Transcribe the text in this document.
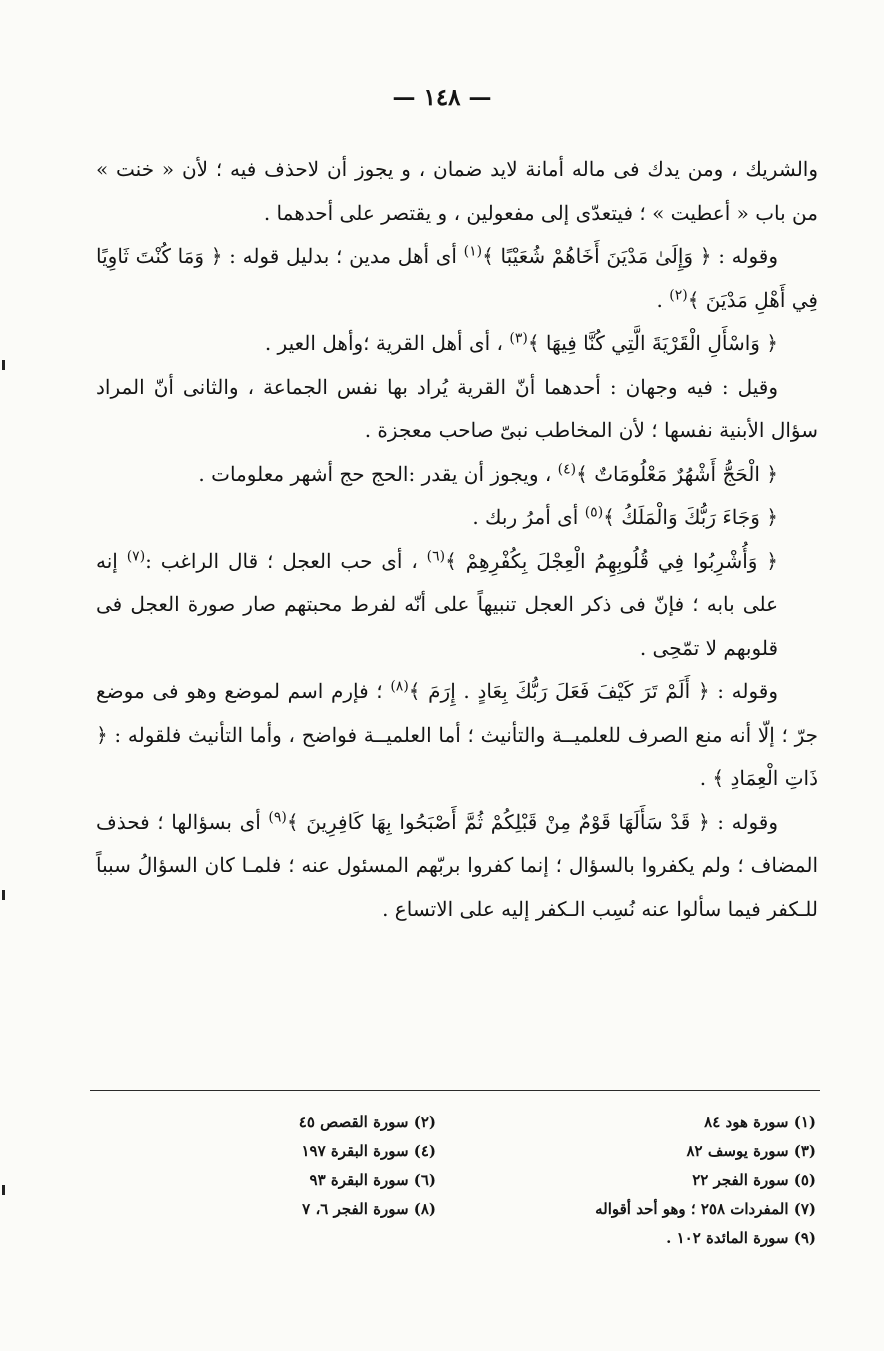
— ١٤٨ —

والشريك ، ومن يدك فى ماله أمانة لايد ضمان ، و يجوز أن لاحذف فيه ؛ لأن « خنت » من باب « أعطيت » ؛ فيتعدّى إلى مفعولين ، و يقتصر على أحدهما .

وقوله : ﴿ وَإِلَىٰ مَدْيَنَ أَخَاهُمْ شُعَيْبًا ﴾$^{(١)}$ أى أهل مدين ؛ بدليل قوله : ﴿ وَمَا كُنْتَ ثَاوِيًا فِي أَهْلِ مَدْيَنَ ﴾$^{(٢)}$ .

﴿ وَاسْأَلِ الْقَرْيَةَ الَّتِي كُنَّا فِيهَا ﴾$^{(٣)}$ ، أى أهل القرية ؛وأهل العير .

وقيل : فيه وجهان : أحدهما أنّ القرية يُراد بها نفس الجماعة ، والثانى أنّ المراد سؤال الأبنية نفسها ؛ لأن المخاطب نبىّ صاحب معجزة .

﴿ الْحَجُّ أَشْهُرٌ مَعْلُومَاتٌ ﴾$^{(٤)}$ ، ويجوز أن يقدر :الحج حج أشهر معلومات .

﴿ وَجَاءَ رَبُّكَ وَالْمَلَكُ ﴾$^{(٥)}$ أى أمرُ ربك .

﴿ وَأُشْرِبُوا فِي قُلُوبِهِمُ الْعِجْلَ بِكُفْرِهِمْ ﴾$^{(٦)}$ ، أى حب العجل ؛ قال الراغب :$^{(٧)}$ إنه على بابه ؛ فإنّ فى ذكر العجل تنبيهاً على أنّه لفرط محبتهم صار صورة العجل فى قلوبهم لا تمّحِى .

وقوله : ﴿ أَلَمْ تَرَ كَيْفَ فَعَلَ رَبُّكَ بِعَادٍ . إِرَمَ ﴾$^{(٨)}$ ؛ فإرم اسم لموضع وهو فى موضع جرّ ؛ إلّا أنه منع الصرف للعلميــة والتأنيث ؛ أما العلميــة فواضح ، وأما التأنيث فلقوله : ﴿ ذَاتِ الْعِمَادِ ﴾ .

وقوله : ﴿ قَدْ سَأَلَهَا قَوْمٌ مِنْ قَبْلِكُمْ ثُمَّ أَصْبَحُوا بِهَا كَافِرِينَ ﴾$^{(٩)}$ أى بسؤالها ؛ فحذف المضاف ؛ ولم يكفروا بالسؤال ؛ إنما كفروا بربّهم المسئول عنه ؛ فلمـا كان السؤالُ سبباً للـكفر فيما سألوا عنه نُسِب الـكفر إليه على الاتساع .

(١) سورة هود ٨٤
(٢) سورة القصص ٤٥
(٣) سورة يوسف ٨٢
(٤) سورة البقرة ١٩٧
(٥) سورة الفجر ٢٢
(٦) سورة البقرة ٩٣
(٧) المفردات ٢٥٨ ؛ وهو أحد أقواله
(٨) سورة الفجر ٦، ٧
(٩) سورة المائدة ١٠٢ .
